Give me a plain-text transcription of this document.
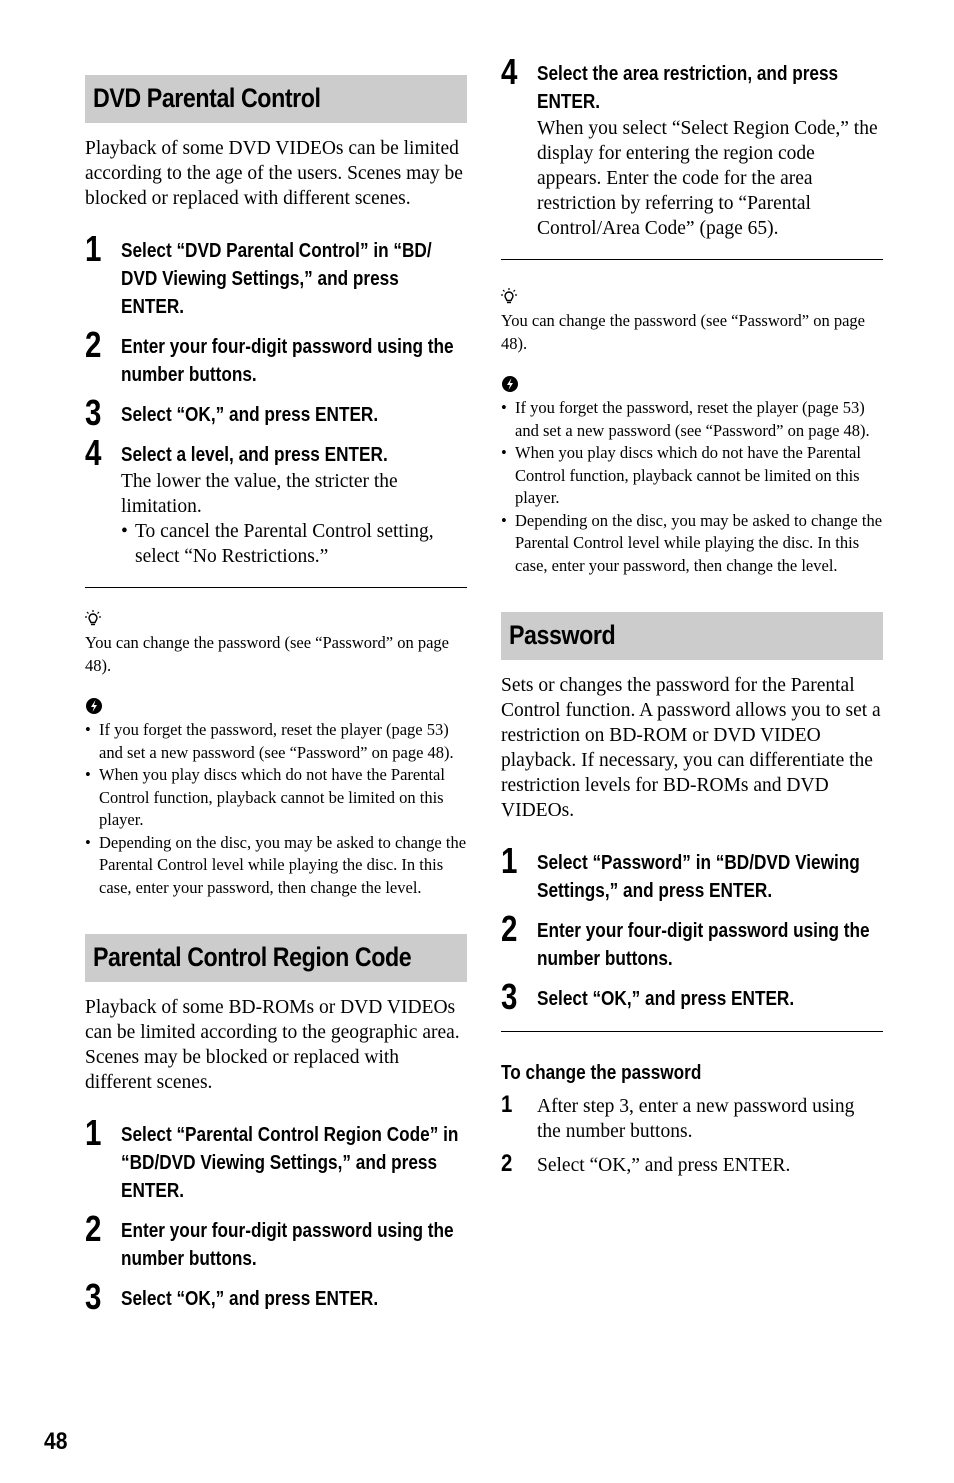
DVD Parental Control

Playback of some DVD VIDEOs can be limited according to the age of the users. Scenes may be blocked or replaced with different scenes.

1 Select “DVD Parental Control” in “BD/ DVD Viewing Settings,” and press ENTER.
2 Enter your four-digit password using the number buttons.
3 Select “OK,” and press ENTER.
4 Select a level, and press ENTER.
The lower the value, the stricter the limitation.
• To cancel the Parental Control setting, select “No Restrictions.”
You can change the password (see “Password” on page 48).
• If you forget the password, reset the player (page 53) and set a new password (see “Password” on page 48).
• When you play discs which do not have the Parental Control function, playback cannot be limited on this player.
• Depending on the disc, you may be asked to change the Parental Control level while playing the disc. In this case, enter your password, then change the level.
Parental Control Region Code

Playback of some BD-ROMs or DVD VIDEOs can be limited according to the geographic area. Scenes may be blocked or replaced with different scenes.

1 Select “Parental Control Region Code” in “BD/DVD Viewing Settings,” and press ENTER.
2 Enter your four-digit password using the number buttons.
3 Select “OK,” and press ENTER.
4 Select the area restriction, and press ENTER.
When you select “Select Region Code,” the display for entering the region code appears. Enter the code for the area restriction by referring to “Parental Control/Area Code” (page 65).
You can change the password (see “Password” on page 48).
• If you forget the password, reset the player (page 53) and set a new password (see “Password” on page 48).
• When you play discs which do not have the Parental Control function, playback cannot be limited on this player.
• Depending on the disc, you may be asked to change the Parental Control level while playing the disc. In this case, enter your password, then change the level.
Password

Sets or changes the password for the Parental Control function. A password allows you to set a restriction on BD-ROM or DVD VIDEO playback. If necessary, you can differentiate the restriction levels for BD-ROMs and DVD VIDEOs.

1 Select “Password” in “BD/DVD Viewing Settings,” and press ENTER.
2 Enter your four-digit password using the number buttons.
3 Select “OK,” and press ENTER.
To change the password
1 After step 3, enter a new password using the number buttons.
2 Select “OK,” and press ENTER.
48
